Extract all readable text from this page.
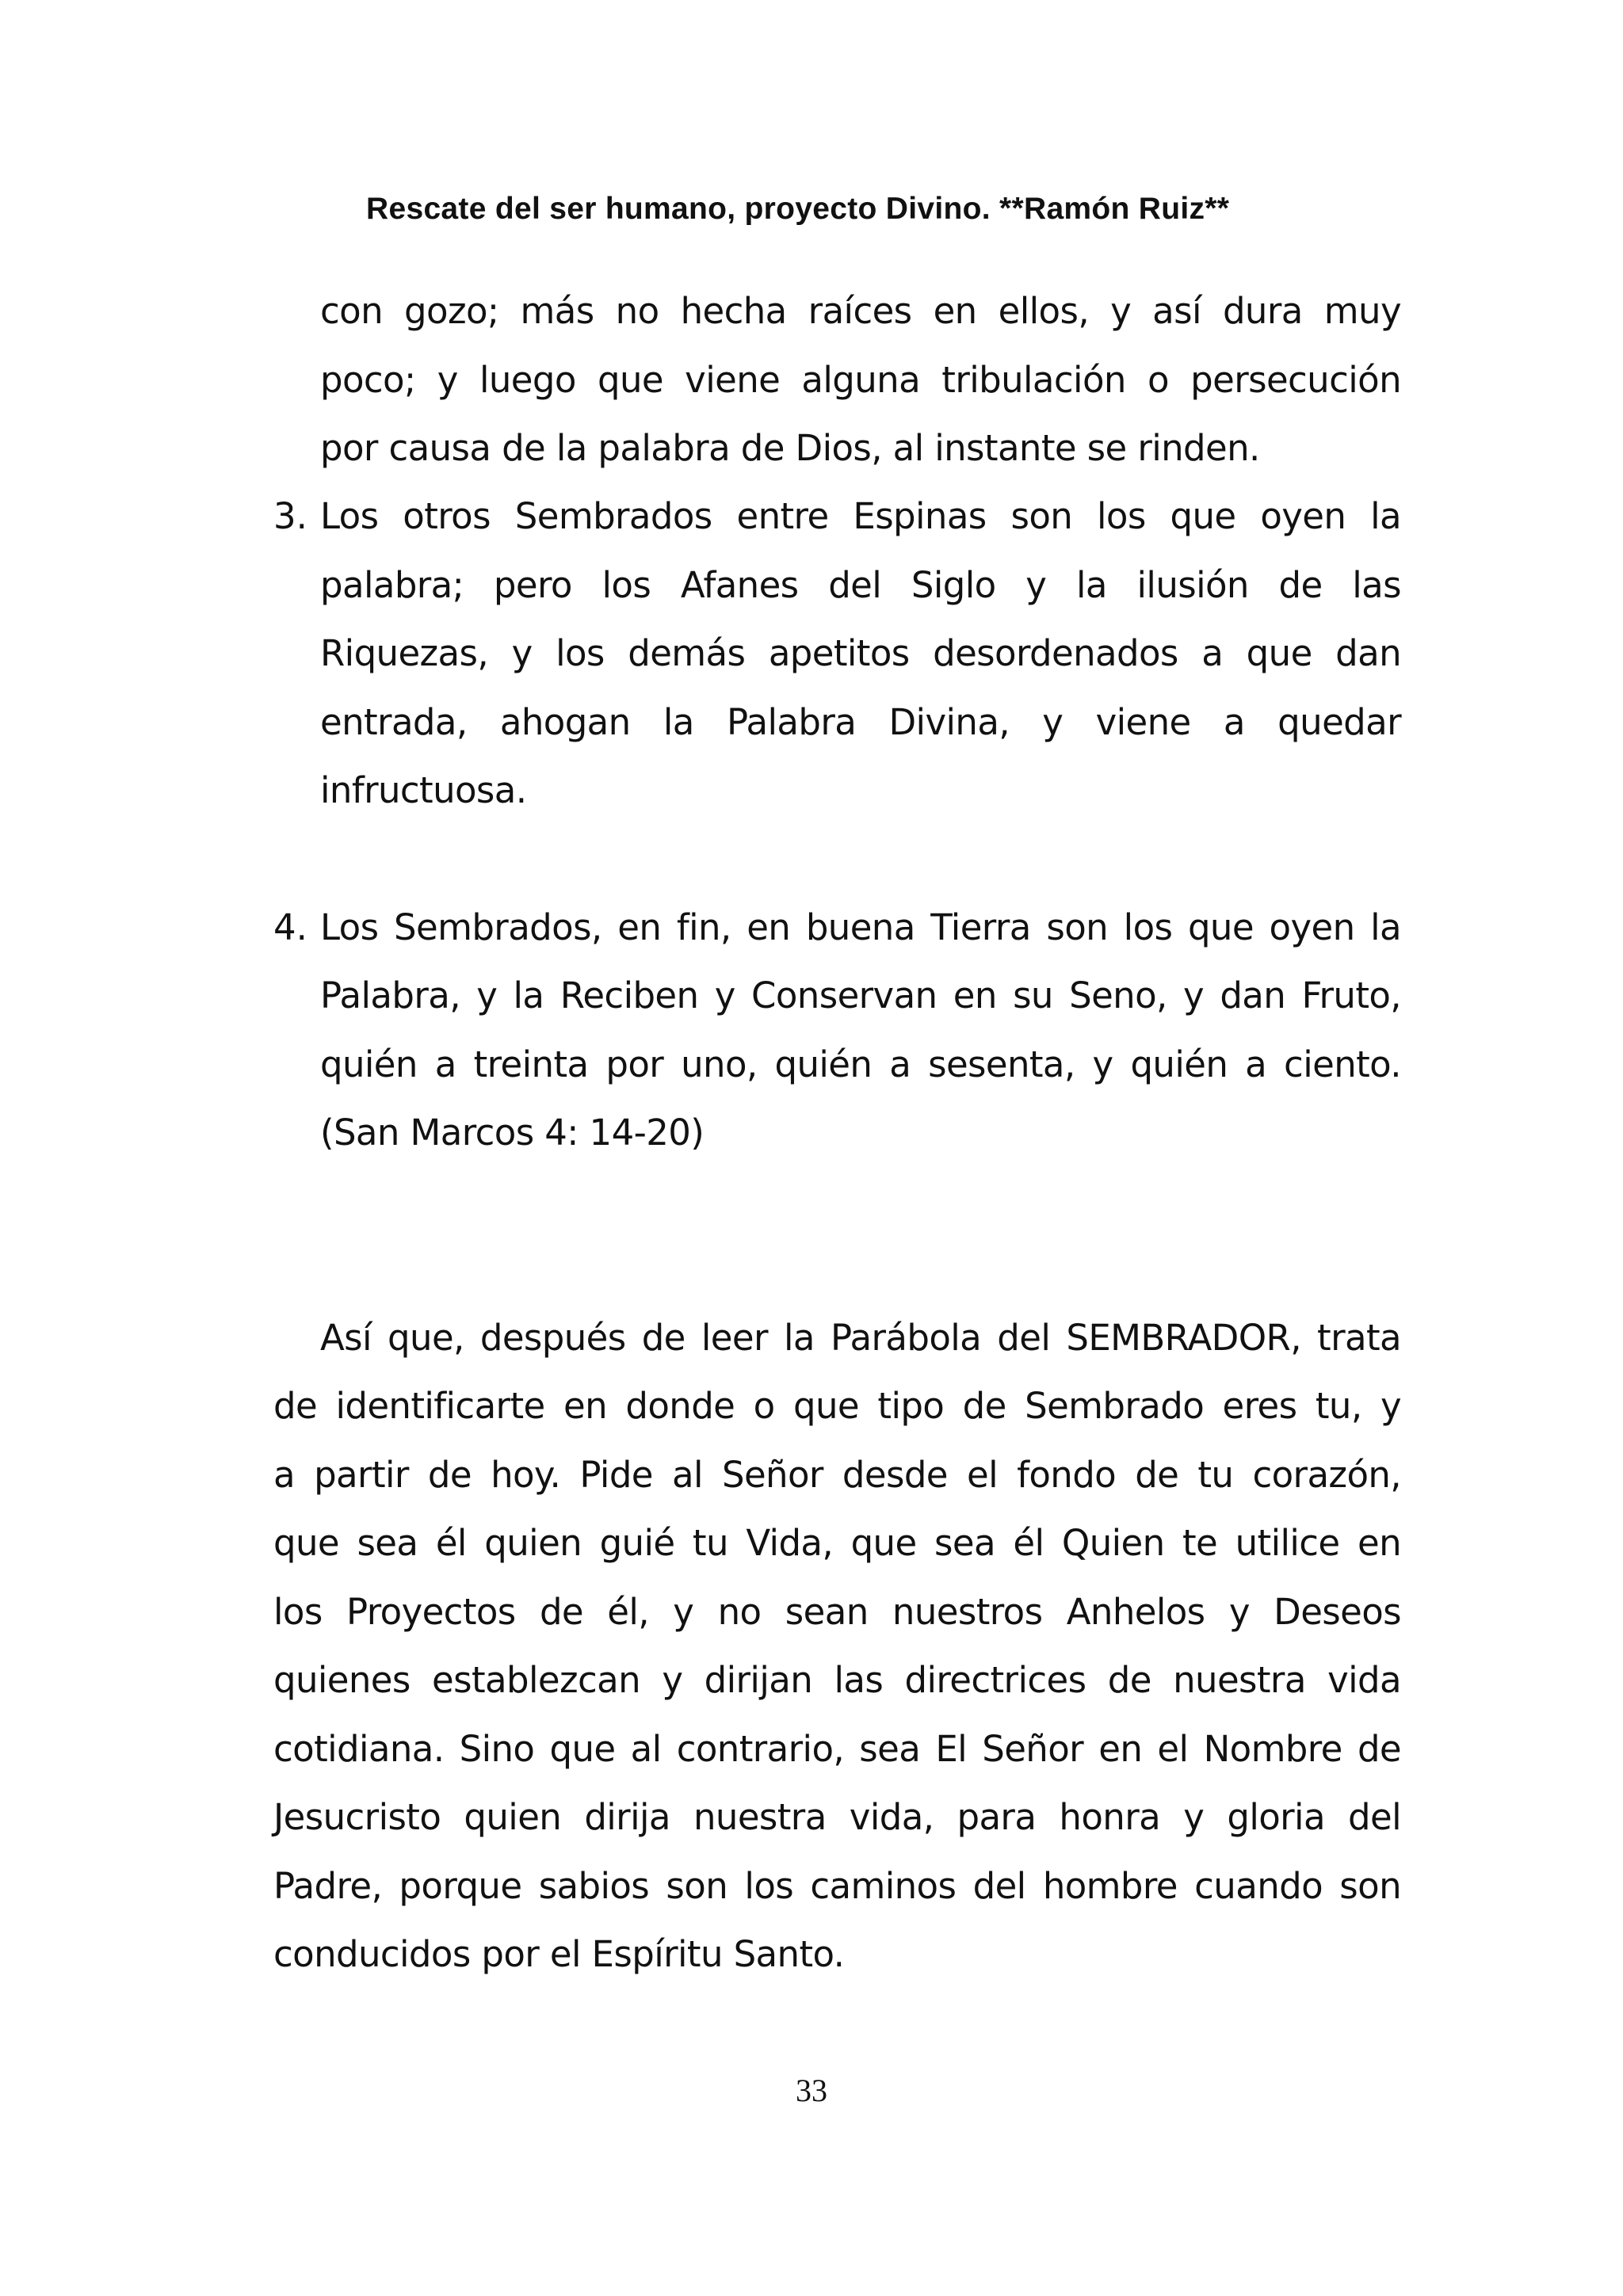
Rescate del ser humano, proyecto Divino. **Ramón Ruiz**
con gozo; más no hecha raíces en ellos, y así dura muy
poco; y luego que viene alguna tribulación o persecución
por causa de la palabra de Dios, al instante se rinden.
3. Los otros Sembrados entre Espinas son los que oyen la
palabra; pero los Afanes del Siglo y la ilusión de las
Riquezas, y los demás apetitos desordenados a que dan
entrada, ahogan la Palabra Divina, y viene a quedar
infructuosa.
4. Los Sembrados, en fin, en buena Tierra son los que oyen la
Palabra, y la Reciben y Conservan en su Seno, y dan Fruto,
quién a treinta por uno, quién a sesenta, y quién a ciento.
(San Marcos 4: 14-20)
Así que, después de leer la Parábola del SEMBRADOR, trata
de identificarte en donde o que tipo de Sembrado eres tu, y
a partir de hoy. Pide al Señor desde el fondo de tu corazón,
que sea él quien guié tu Vida, que sea él Quien te utilice en
los Proyectos de él, y no sean nuestros Anhelos y Deseos
quienes establezcan y dirijan las directrices de nuestra vida
cotidiana. Sino que al contrario, sea El Señor en el Nombre de
Jesucristo quien dirija nuestra vida, para honra y gloria del
Padre, porque sabios son los caminos del hombre cuando son
conducidos por el Espíritu Santo.
33
